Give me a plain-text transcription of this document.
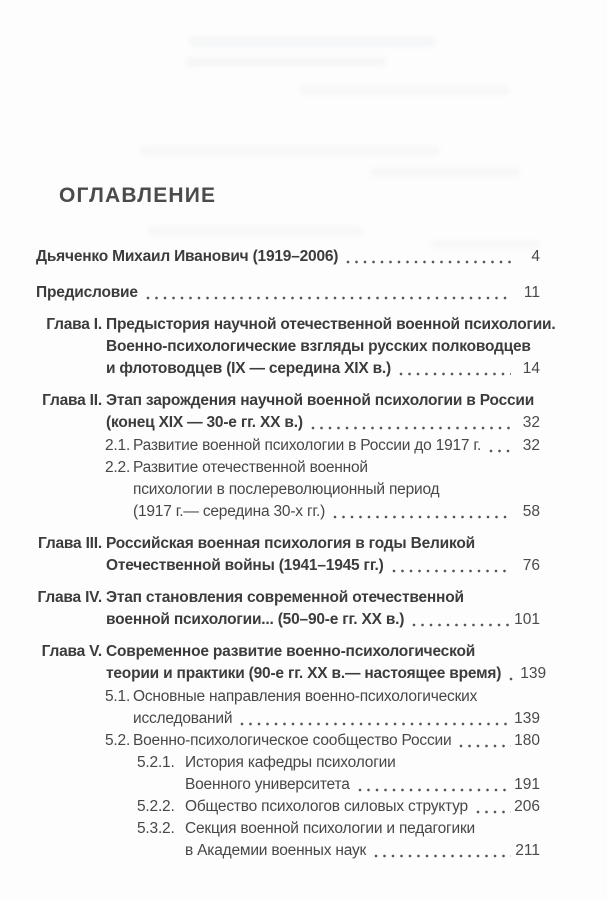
ОГЛАВЛЕНИЕ
Дьяченко Михаил Иванович (1919–2006)	4
Предисловие	11
Глава I. Предыстория научной отечественной военной психологии.
Военно-психологические взгляды русских полководцев
и флотоводцев (IX — середина XIX в.)	14
Глава II. Этап зарождения научной военной психологии в России
(конец XIX — 30-е гг. XX в.)	32
2.1. Развитие военной психологии в России до 1917 г.	32
2.2. Развитие отечественной военной
психологии в послереволюционный период
(1917 г.— середина 30-х гг.)	58
Глава III. Российская военная психология в годы Великой
Отечественной войны (1941–1945 гг.)	76
Глава IV. Этап становления современной отечественной
военной психологии... (50–90-е гг. XX в.)	101
Глава V. Современное развитие военно-психологической
теории и практики (90-е гг. XX в.— настоящее время) 139
5.1. Основные направления военно-психологических
исследований	139
5.2. Военно-психологическое сообщество России	180
5.2.1. История кафедры психологии
Военного университета	191
5.2.2. Общество психологов силовых структур	206
5.3.2. Секция военной психологии и педагогики
в Академии военных наук	211
